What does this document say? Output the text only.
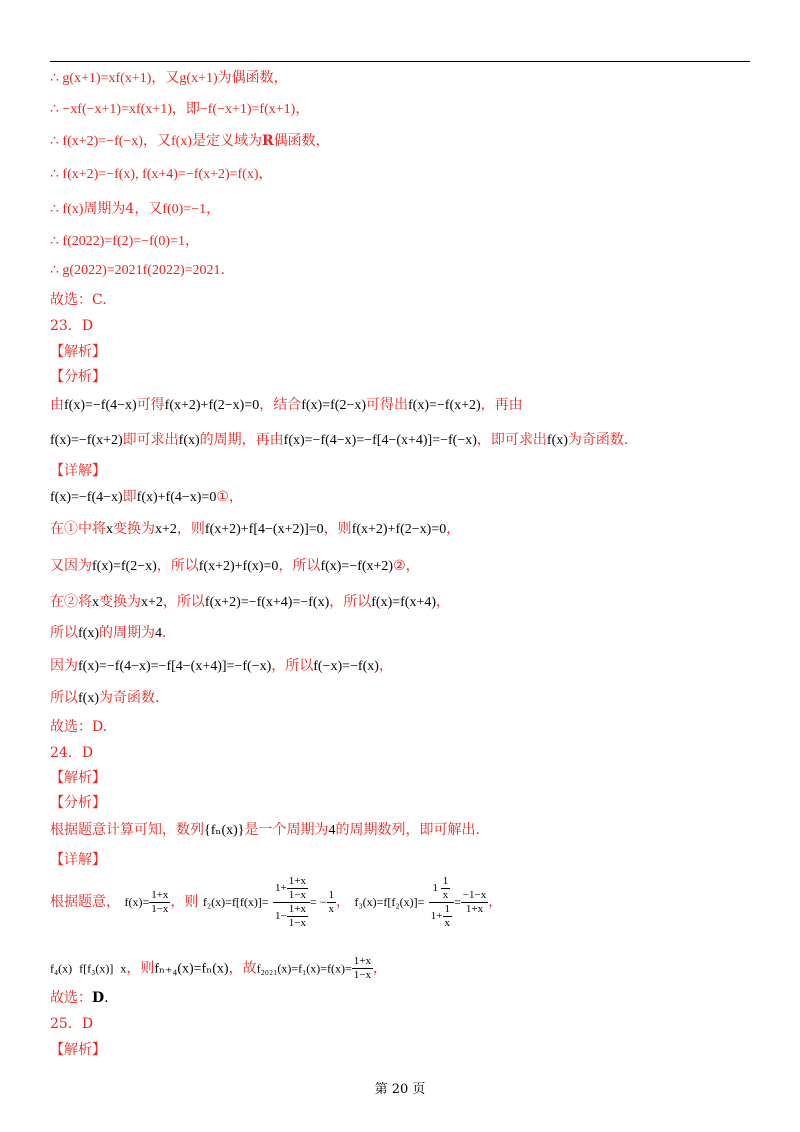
∴ g(x+1)=xf(x+1)，又g(x+1)为偶函数，
∴ −xf(−x+1)=xf(x+1)，即−f(−x+1)=f(x+1)，
∴ f(x+2)=−f(−x)，又f(x)是定义域为R偶函数，
∴ f(x+2)=−f(x), f(x+4)=−f(x+2)=f(x)，
∴ f(x)周期为4，又f(0)=−1，
∴ f(2022)=f(2)=−f(0)=1，
∴ g(2022)=2021f(2022)=2021.
故选：C.
23．D
【解析】
【分析】
由f(x)=−f(4−x)可得f(x+2)+f(2−x)=0，结合f(x)=f(2−x)可得出f(x)=−f(x+2)，再由
f(x)=−f(x+2)即可求出f(x)的周期，再由f(x)=−f(4−x)=−f[4−(x+4)]=−f(−x)，即可求出f(x)为奇函数.
【详解】
f(x)=−f(4−x)即f(x)+f(4−x)=0①，
在①中将x变换为x+2，则f(x+2)+f[4−(x+2)]=0，则f(x+2)+f(2−x)=0，
又因为f(x)=f(2−x)，所以f(x+2)+f(x)=0，所以f(x)=−f(x+2)②，
在②将x变换为x+2，所以f(x+2)=−f(x+4)=−f(x)，所以f(x)=f(x+4)，
所以f(x)的周期为4.
因为f(x)=−f(4−x)=−f[4−(x+4)]=−f(−x)，所以f(−x)=−f(x)，
所以f(x)为奇函数.
故选：D.
24．D
【解析】
【分析】
根据题意计算可知，数列{fₙ(x)}是一个周期为4的周期数列，即可解出.
【详解】
根据题意， $f(x)= \frac{1+x}{1-x}$ ，则 $f_2(x)=f[f(x)]= \frac{1+ \frac{1+x}{1-x}}{1- \frac{1+x}{1-x}}$ = − $\frac{1}{x}$ ， $f_3(x)=f[f_2(x)]= \frac{1 \frac{1}{x}}{1+ \frac{1}{x}} = \frac{-1-x}{1+x}$ ，
f₄(x) f[f₃(x)] x，则fₙ₊₄(x)=fₙ(x)，故$f_{2021}(x)=f_1(x)=f(x)= \frac{1+x}{1-x}$ ，
故选：D.
25．D
【解析】
第 20 页
